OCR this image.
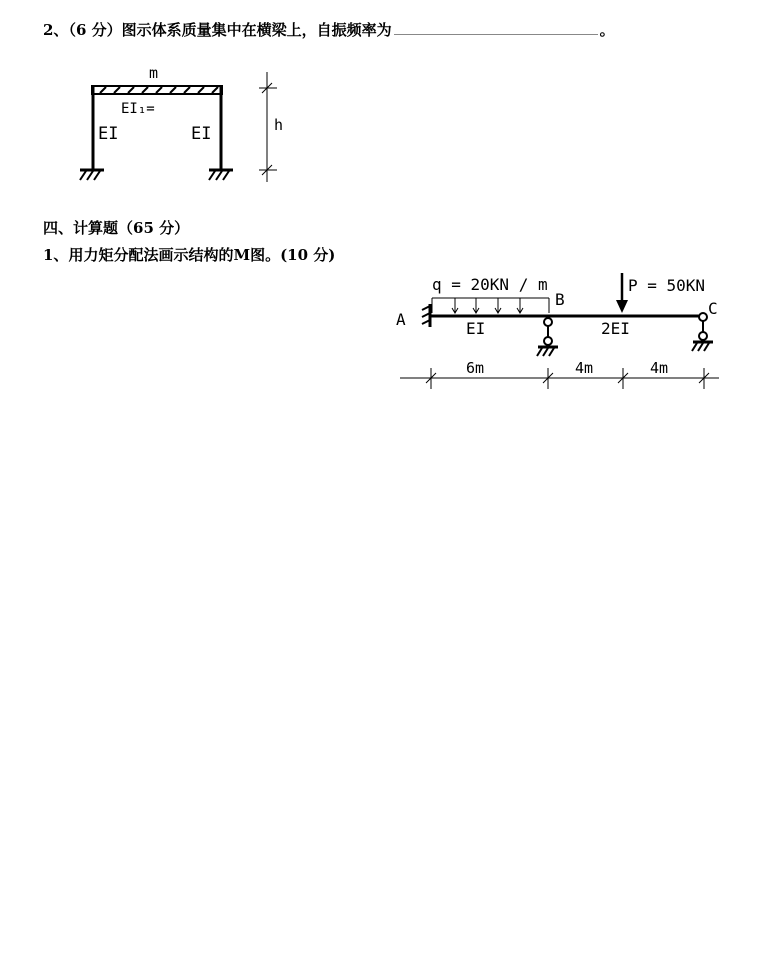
2、（6 分）图示体系质量集中在横梁上，自振频率为	。
m
EI₁=
EI	EI	h
四、计算题（65 分）
1、用力矩分配法画示结构的M图。(10 分)
q = 20KN / m	P = 50KN
A
B	C
EI	2EI
6m	4m	4m
